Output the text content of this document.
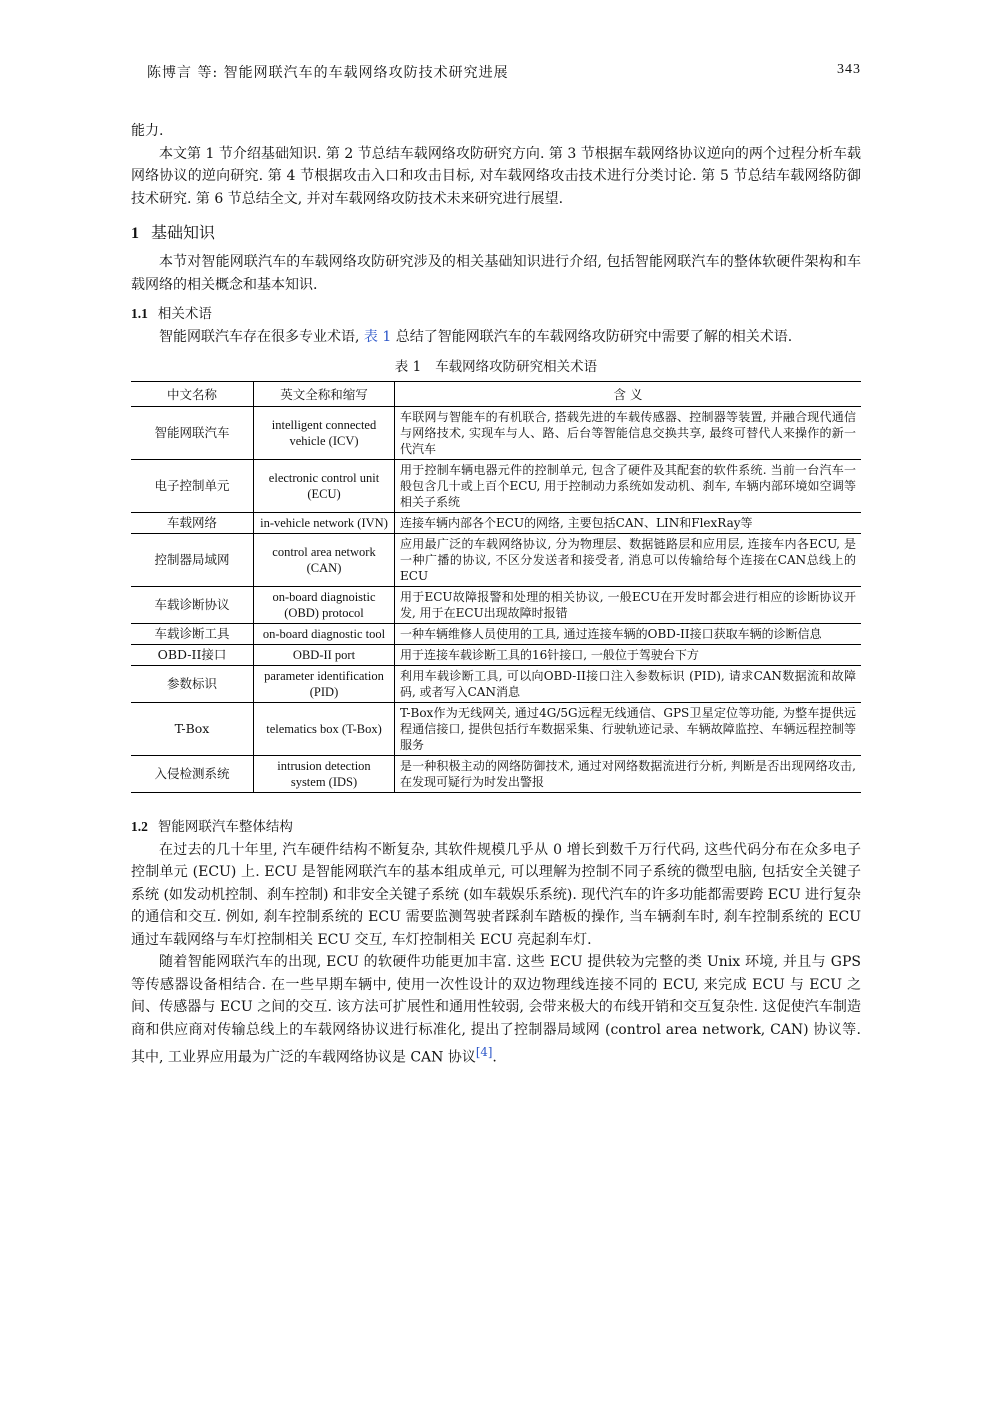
陈博言 等: 智能网联汽车的车载网络攻防技术研究进展	343

能力.

本文第 1 节介绍基础知识. 第 2 节总结车载网络攻防研究方向. 第 3 节根据车载网络协议逆向的两个过程分析车载网络协议的逆向研究. 第 4 节根据攻击入口和攻击目标, 对车载网络攻击技术进行分类讨论. 第 5 节总结车载网络防御技术研究. 第 6 节总结全文, 并对车载网络攻防技术未来研究进行展望.

1 基础知识

本节对智能网联汽车的车载网络攻防研究涉及的相关基础知识进行介绍, 包括智能网联汽车的整体软硬件架构和车载网络的相关概念和基本知识.

1.1 相关术语

智能网联汽车存在很多专业术语, 表 1 总结了智能网联汽车的车载网络攻防研究中需要了解的相关术语.

表 1 车载网络攻防研究相关术语
中文名称	英文全称和缩写	含 义
智能网联汽车	intelligent connected vehicle (ICV)	车联网与智能车的有机联合, 搭载先进的车载传感器、控制器等装置, 并融合现代通信与网络技术, 实现车与人、路、后台等智能信息交换共享, 最终可替代人来操作的新一代汽车
电子控制单元	electronic control unit (ECU)	用于控制车辆电器元件的控制单元, 包含了硬件及其配套的软件系统. 当前一台汽车一般包含几十或上百个ECU, 用于控制动力系统如发动机、刹车, 车辆内部环境如空调等相关子系统
车载网络	in-vehicle network (IVN)	连接车辆内部各个ECU的网络, 主要包括CAN、LIN和FlexRay等
控制器局域网	control area network (CAN)	应用最广泛的车载网络协议, 分为物理层、数据链路层和应用层, 连接车内各ECU, 是一种广播的协议, 不区分发送者和接受者, 消息可以传输给每个连接在CAN总线上的ECU
车载诊断协议	on-board diagnoistic (OBD) protocol	用于ECU故障报警和处理的相关协议, 一般ECU在开发时都会进行相应的诊断协议开发, 用于在ECU出现故障时报错
车载诊断工具	on-board diagnostic tool	一种车辆维修人员使用的工具, 通过连接车辆的OBD-II接口获取车辆的诊断信息
OBD-II接口	OBD-II port	用于连接车载诊断工具的16针接口, 一般位于驾驶台下方
参数标识	parameter identification (PID)	利用车载诊断工具, 可以向OBD-II接口注入参数标识 (PID), 请求CAN数据流和故障码, 或者写入CAN消息
T-Box	telematics box (T-Box)	T-Box作为无线网关, 通过4G/5G远程无线通信、GPS卫星定位等功能, 为整车提供远程通信接口, 提供包括行车数据采集、行驶轨迹记录、车辆故障监控、车辆远程控制等服务
入侵检测系统	intrusion detection system (IDS)	是一种积极主动的网络防御技术, 通过对网络数据流进行分析, 判断是否出现网络攻击, 在发现可疑行为时发出警报
1.2 智能网联汽车整体结构

在过去的几十年里, 汽车硬件结构不断复杂, 其软件规模几乎从 0 增长到数千万行代码, 这些代码分布在众多电子控制单元 (ECU) 上. ECU 是智能网联汽车的基本组成单元, 可以理解为控制不同子系统的微型电脑, 包括安全关键子系统 (如发动机控制、刹车控制) 和非安全关键子系统 (如车载娱乐系统). 现代汽车的许多功能都需要跨 ECU 进行复杂的通信和交互. 例如, 刹车控制系统的 ECU 需要监测驾驶者踩刹车踏板的操作, 当车辆刹车时, 刹车控制系统的 ECU 通过车载网络与车灯控制相关 ECU 交互, 车灯控制相关 ECU 亮起刹车灯.

随着智能网联汽车的出现, ECU 的软硬件功能更加丰富. 这些 ECU 提供较为完整的类 Unix 环境, 并且与 GPS 等传感器设备相结合. 在一些早期车辆中, 使用一次性设计的双边物理线连接不同的 ECU, 来完成 ECU 与 ECU 之间、传感器与 ECU 之间的交互. 该方法可扩展性和通用性较弱, 会带来极大的布线开销和交互复杂性. 这促使汽车制造商和供应商对传输总线上的车载网络协议进行标准化, 提出了控制器局域网 (control area network, CAN) 协议等. 其中, 工业界应用最为广泛的车载网络协议是 CAN 协议[4].
